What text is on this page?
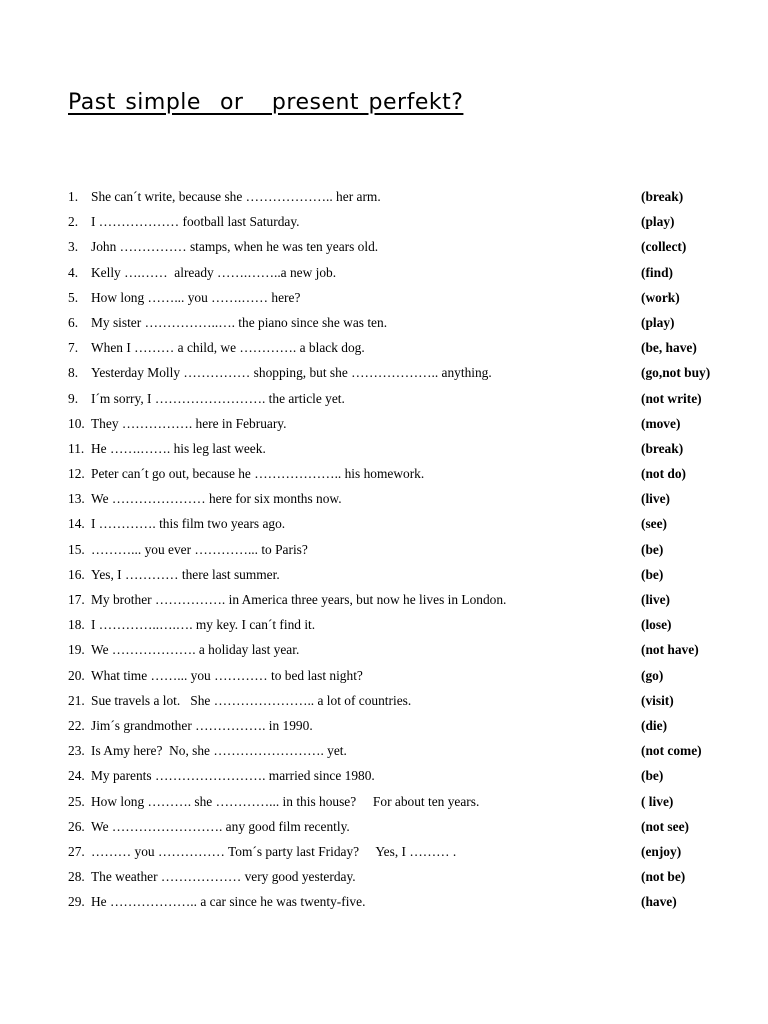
Past simple  or   present perfekt?
1. She can´t write, because she ……………….. her arm.	(break)
2. I ……………… football last Saturday.	(play)
3. John …………… stamps, when he was ten years old.	(collect)
4. Kelly ….……  already …….……..a new job.	(find)
5. How long ……... you …….…… here?	(work)
6. My sister ……………..…. the piano since she was ten.	(play)
7. When I ……… a child, we …………. a black dog.	(be, have)
8. Yesterday Molly …………… shopping, but she ……………….. anything.	(go,not buy)
9. I´m sorry, I ……………………. the article yet.	(not write)
10. They ……………. here in February.	(move)
11. He …….……. his leg last week.	(break)
12. Peter can´t go out, because he ……………….. his homework.	(not do)
13. We ………………… here for six months now.	(live)
14. I …………. this film two years ago.	(see)
15. ………... you ever …………... to Paris?	(be)
16. Yes, I ………… there last summer.	(be)
17. My brother ……………. in America three years, but now he lives in London.	(live)
18. I …………..….…. my key. I can´t find it.	(lose)
19. We ………………. a holiday last year.	(not have)
20. What time ……... you ………… to bed last night?	(go)
21. Sue travels a lot.   She ………………….. a lot of countries.	(visit)
22. Jim´s grandmother ……………. in 1990.	(die)
23. Is Amy here?  No, she ……………………. yet.	(not come)
24. My parents ……………………. married since 1980.	(be)
25. How long ………. she …………... in this house?     For about ten years.	( live)
26. We ……………………. any good film recently.	(not see)
27. ……… you …………… Tom´s party last Friday?     Yes, I ……… .	(enjoy)
28. The weather ……………… very good yesterday.	(not be)
29. He ……………….. a car since he was twenty-five.	(have)
